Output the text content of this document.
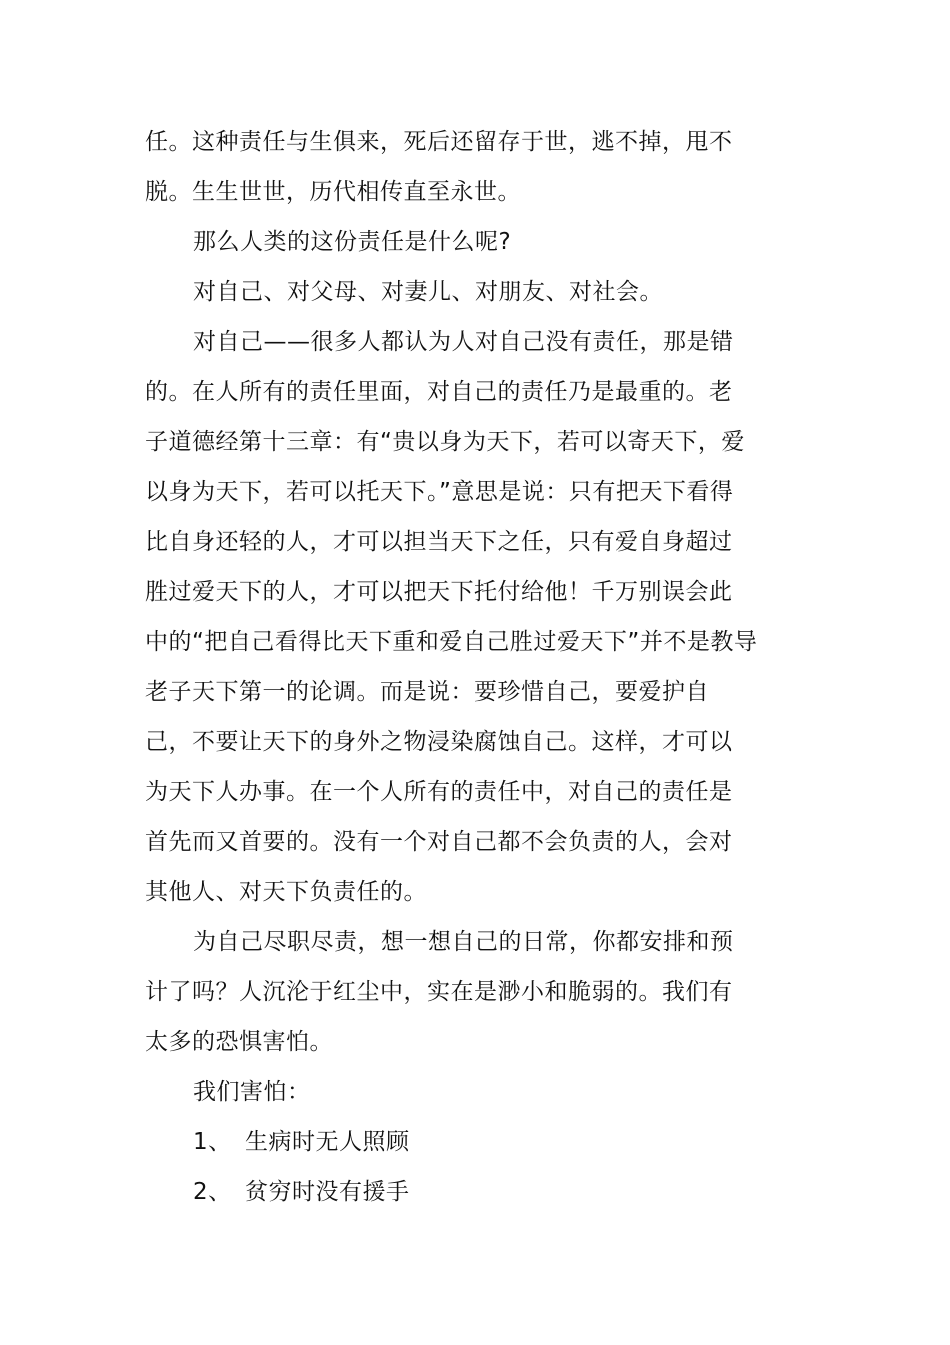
任。这种责任与生俱来，死后还留存于世，逃不掉，甩不
脱。生生世世，历代相传直至永世。
那么人类的这份责任是什么呢?
对自己、对父母、对妻儿、对朋友、对社会。
对自己——很多人都认为人对自己没有责任，那是错
的。在人所有的责任里面，对自己的责任乃是最重的。老
子道德经第十三章：有“贵以身为天下，若可以寄天下，爱
以身为天下，若可以托天下。”意思是说：只有把天下看得
比自身还轻的人，才可以担当天下之任，只有爱自身超过
胜过爱天下的人，才可以把天下托付给他！千万别误会此
中的“把自己看得比天下重和爱自己胜过爱天下”并不是教导
老子天下第一的论调。而是说：要珍惜自己，要爱护自
己，不要让天下的身外之物浸染腐蚀自己。这样，才可以
为天下人办事。在一个人所有的责任中，对自己的责任是
首先而又首要的。没有一个对自己都不会负责的人，会对
其他人、对天下负责任的。
为自己尽职尽责，想一想自己的日常，你都安排和预
计了吗？人沉沦于红尘中，实在是渺小和脆弱的。我们有
太多的恐惧害怕。
我们害怕：
1、 生病时无人照顾
2、 贫穷时没有援手
